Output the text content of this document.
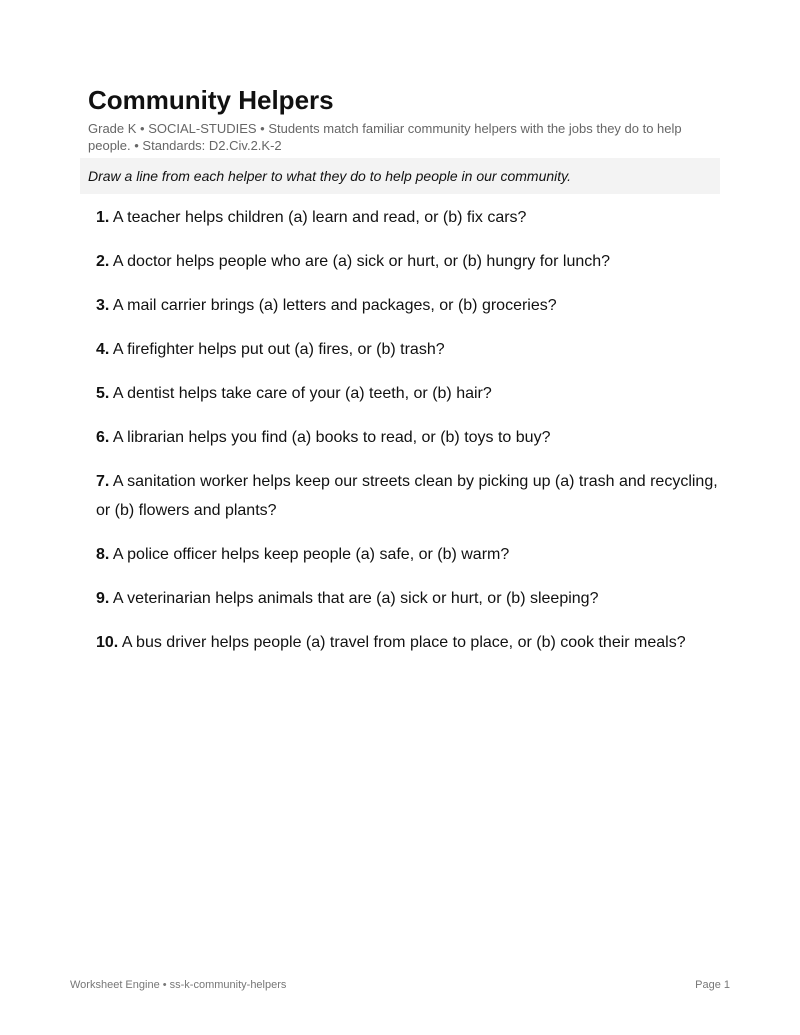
Community Helpers
Grade K • SOCIAL-STUDIES • Students match familiar community helpers with the jobs they do to help people. • Standards: D2.Civ.2.K-2
Draw a line from each helper to what they do to help people in our community.
1. A teacher helps children (a) learn and read, or (b) fix cars?
2. A doctor helps people who are (a) sick or hurt, or (b) hungry for lunch?
3. A mail carrier brings (a) letters and packages, or (b) groceries?
4. A firefighter helps put out (a) fires, or (b) trash?
5. A dentist helps take care of your (a) teeth, or (b) hair?
6. A librarian helps you find (a) books to read, or (b) toys to buy?
7. A sanitation worker helps keep our streets clean by picking up (a) trash and recycling, or (b) flowers and plants?
8. A police officer helps keep people (a) safe, or (b) warm?
9. A veterinarian helps animals that are (a) sick or hurt, or (b) sleeping?
10. A bus driver helps people (a) travel from place to place, or (b) cook their meals?
Worksheet Engine • ss-k-community-helpers	Page 1
